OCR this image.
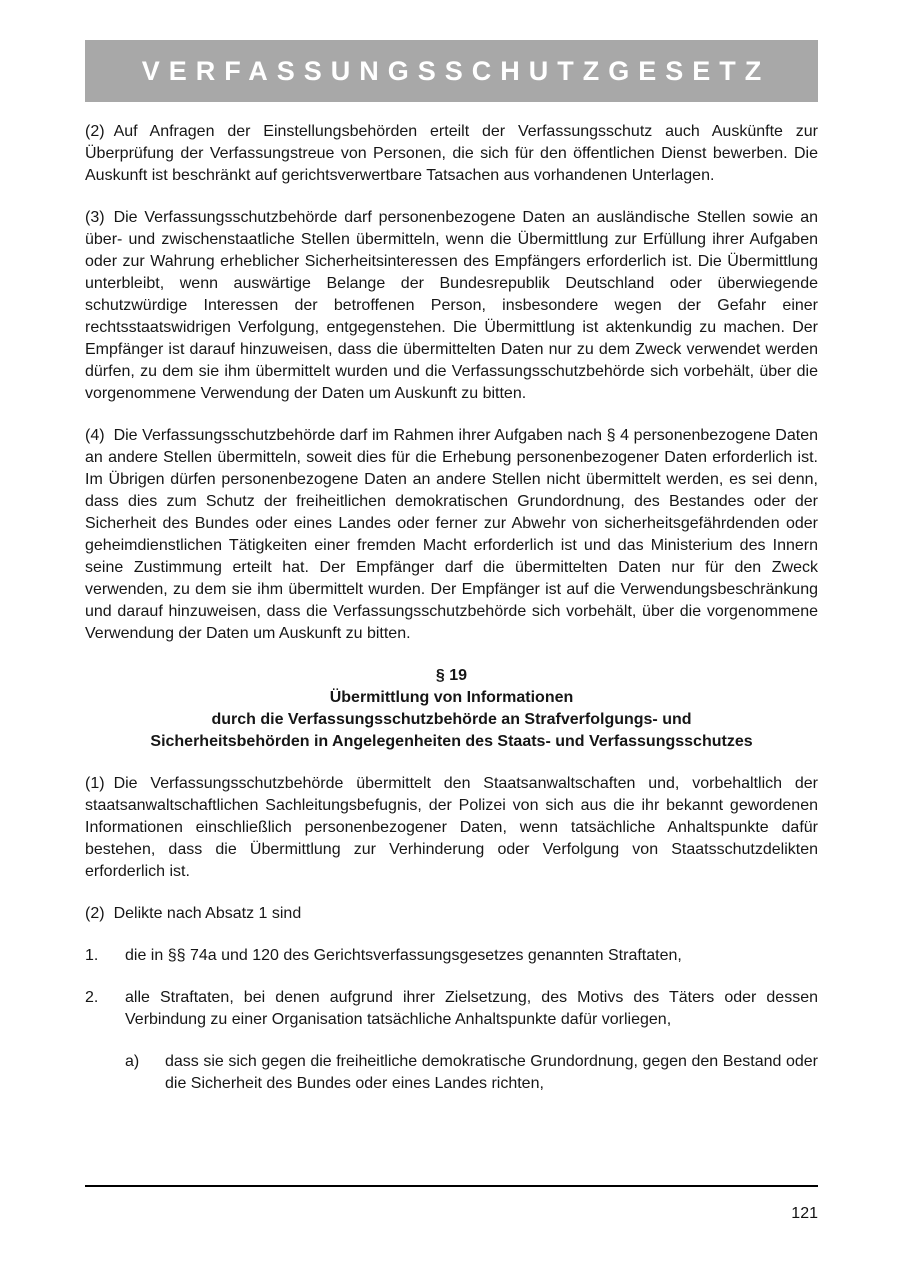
VERFASSUNGSSCHUTZGESETZ

(2) Auf Anfragen der Einstellungsbehörden erteilt der Verfassungsschutz auch Auskünfte zur Überprüfung der Verfassungstreue von Personen, die sich für den öffentlichen Dienst bewerben. Die Auskunft ist beschränkt auf gerichtsverwertbare Tatsachen aus vorhandenen Unterlagen.

(3) Die Verfassungsschutzbehörde darf personenbezogene Daten an ausländische Stellen sowie an über- und zwischenstaatliche Stellen übermitteln, wenn die Übermittlung zur Erfüllung ihrer Aufgaben oder zur Wahrung erheblicher Sicherheitsinteressen des Empfängers erforderlich ist. Die Übermittlung unterbleibt, wenn auswärtige Belange der Bundesrepublik Deutschland oder überwiegende schutzwürdige Interessen der betroffenen Person, insbesondere wegen der Gefahr einer rechtsstaatswidrigen Verfolgung, entgegenstehen. Die Übermittlung ist aktenkundig zu machen. Der Empfänger ist darauf hinzuweisen, dass die übermittelten Daten nur zu dem Zweck verwendet werden dürfen, zu dem sie ihm übermittelt wurden und die Verfassungsschutzbehörde sich vorbehält, über die vorgenommene Verwendung der Daten um Auskunft zu bitten.

(4) Die Verfassungsschutzbehörde darf im Rahmen ihrer Aufgaben nach § 4 personenbezogene Daten an andere Stellen übermitteln, soweit dies für die Erhebung personenbezogener Daten erforderlich ist. Im Übrigen dürfen personenbezogene Daten an andere Stellen nicht übermittelt werden, es sei denn, dass dies zum Schutz der freiheitlichen demokratischen Grundordnung, des Bestandes oder der Sicherheit des Bundes oder eines Landes oder ferner zur Abwehr von sicherheitsgefährdenden oder geheimdienstlichen Tätigkeiten einer fremden Macht erforderlich ist und das Ministerium des Innern seine Zustimmung erteilt hat. Der Empfänger darf die übermittelten Daten nur für den Zweck verwenden, zu dem sie ihm übermittelt wurden. Der Empfänger ist auf die Verwendungsbeschränkung und darauf hinzuweisen, dass die Verfassungsschutzbehörde sich vorbehält, über die vorgenommene Verwendung der Daten um Auskunft zu bitten.

§ 19
Übermittlung von Informationen
durch die Verfassungsschutzbehörde an Strafverfolgungs- und
Sicherheitsbehörden in Angelegenheiten des Staats- und Verfassungsschutzes

(1) Die Verfassungsschutzbehörde übermittelt den Staatsanwaltschaften und, vorbehaltlich der staatsanwaltschaftlichen Sachleitungsbefugnis, der Polizei von sich aus die ihr bekannt gewordenen Informationen einschließlich personenbezogener Daten, wenn tatsächliche Anhaltspunkte dafür bestehen, dass die Übermittlung zur Verhinderung oder Verfolgung von Staatsschutzdelikten erforderlich ist.

(2) Delikte nach Absatz 1 sind

1.	die in §§ 74a und 120 des Gerichtsverfassungsgesetzes genannten Straftaten,
2.	alle Straftaten, bei denen aufgrund ihrer Zielsetzung, des Motivs des Täters oder dessen Verbindung zu einer Organisation tatsächliche Anhaltspunkte dafür vorliegen,
a)	dass sie sich gegen die freiheitliche demokratische Grundordnung, gegen den Bestand oder die Sicherheit des Bundes oder eines Landes richten,
121
